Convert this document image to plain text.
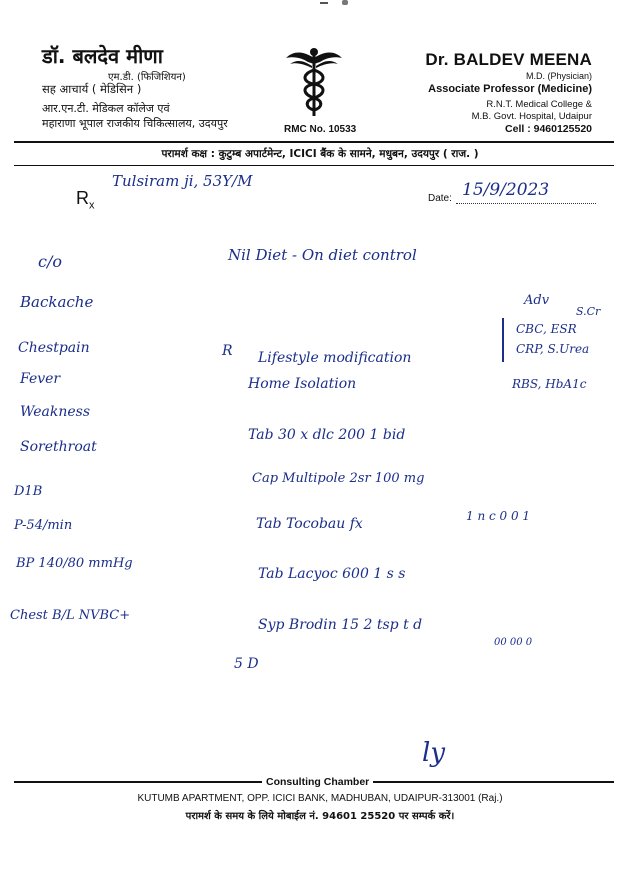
डॉ. बलदेव मीणा
एम.डी. (फिजिशियन)
सह आचार्य ( मेडिसिन )
आर.एन.टी. मेडिकल कॉलेज एवं
महाराणा भूपाल राजकीय चिकित्सालय, उदयपुर	RMC No. 10533
Dr. BALDEV MEENA
M.D. (Physician)
Associate Professor (Medicine)
R.N.T. Medical College &
M.B. Govt. Hospital, Udaipur
Cell : 9460125520
परामर्श कक्ष : कुटुम्ब अपार्टमेन्ट, ICICI बैंक के सामने, मधुबन, उदयपुर ( राज. )
$R_x$
Date:
Tulsiram ji, 53Y/M	15/9/2023
c/o
Backache
Chestpain
Fever
Weakness
Sorethroat
D1B
P-54/min
BP 140/80 mmHg
Chest B/L NVBC+
Nil Diet - On diet control
R Lifestyle modification
Home Isolation
Tab 30 x dlc 200 1 bid
Cap Multipole 2sr 100 mg
Tab Tocobau fx	1 n c 0 0 1
Tab Lacyoc 600 1 s s
Syp Brodin 15 2 tsp t d
00 00 0
5 D
Adv
S.Cr
CBC, ESR
CRP, S.Urea
RBS, HbA1c
ly
Consulting Chamber
KUTUMB APARTMENT, OPP. ICICI BANK, MADHUBAN, UDAIPUR-313001 (Raj.)
परामर्श के समय के लिये मोबाईल नं. 94601 25520 पर सम्पर्क करें।
